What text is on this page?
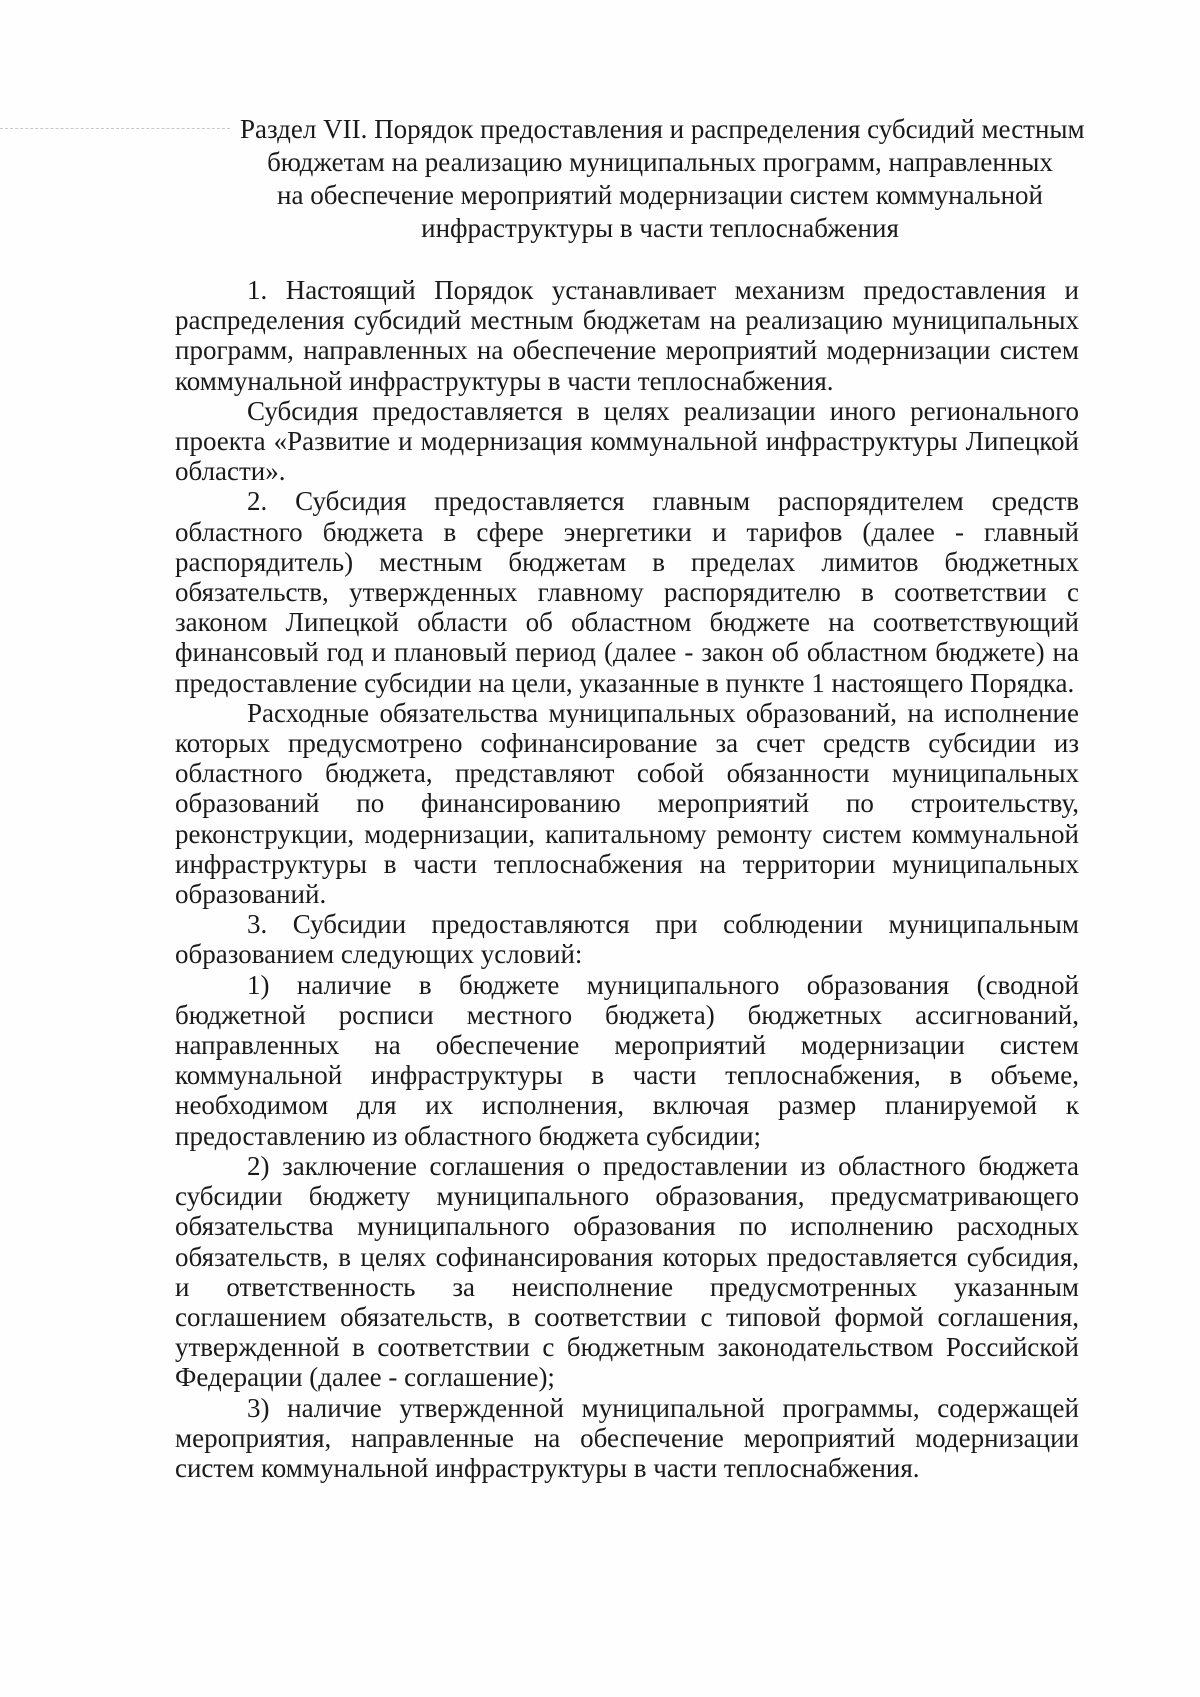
Раздел VII. Порядок предоставления и распределения субсидий местным
бюджетам на реализацию муниципальных программ, направленных
на обеспечение мероприятий модернизации систем коммунальной
инфраструктуры в части теплоснабжения

1. Настоящий Порядок устанавливает механизм предоставления и распределения субсидий местным бюджетам на реализацию муниципальных программ, направленных на обеспечение мероприятий модернизации систем коммунальной инфраструктуры в части теплоснабжения.

Субсидия предоставляется в целях реализации иного регионального проекта «Развитие и модернизация коммунальной инфраструктуры Липецкой области».

2. Субсидия предоставляется главным распорядителем средств областного бюджета в сфере энергетики и тарифов (далее - главный распорядитель) местным бюджетам в пределах лимитов бюджетных обязательств, утвержденных главному распорядителю в соответствии с законом Липецкой области об областном бюджете на соответствующий финансовый год и плановый период (далее - закон об областном бюджете) на предоставление субсидии на цели, указанные в пункте 1 настоящего Порядка.

Расходные обязательства муниципальных образований, на исполнение которых предусмотрено софинансирование за счет средств субсидии из областного бюджета, представляют собой обязанности муниципальных образований по финансированию мероприятий по строительству, реконструкции, модернизации, капитальному ремонту систем коммунальной инфраструктуры в части теплоснабжения на территории муниципальных образований.

3. Субсидии предоставляются при соблюдении муниципальным образованием следующих условий:

1) наличие в бюджете муниципального образования (сводной бюджетной росписи местного бюджета) бюджетных ассигнований, направленных на обеспечение мероприятий модернизации систем коммунальной инфраструктуры в части теплоснабжения, в объеме, необходимом для их исполнения, включая размер планируемой к предоставлению из областного бюджета субсидии;

2) заключение соглашения о предоставлении из областного бюджета субсидии бюджету муниципального образования, предусматривающего обязательства муниципального образования по исполнению расходных обязательств, в целях софинансирования которых предоставляется субсидия, и ответственность за неисполнение предусмотренных указанным соглашением обязательств, в соответствии с типовой формой соглашения, утвержденной в соответствии с бюджетным законодательством Российской Федерации (далее - соглашение);

3) наличие утвержденной муниципальной программы, содержащей мероприятия, направленные на обеспечение мероприятий модернизации систем коммунальной инфраструктуры в части теплоснабжения.
